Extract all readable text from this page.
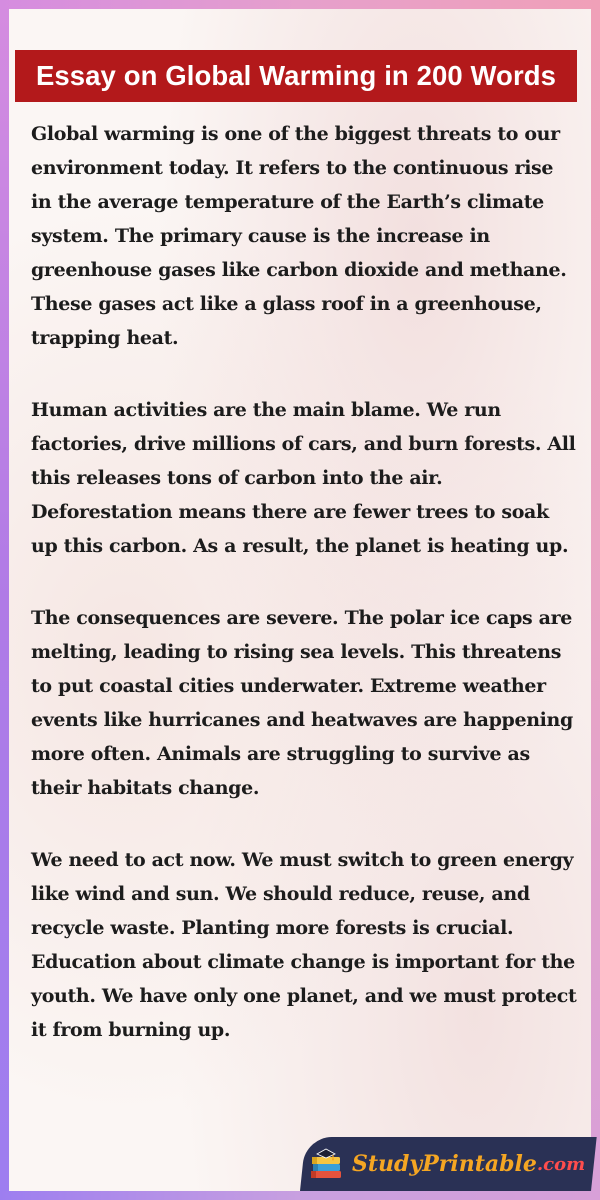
Essay on Global Warming in 200 Words

Global warming is one of the biggest threats to our environment today. It refers to the continuous rise in the average temperature of the Earth’s climate system. The primary cause is the increase in greenhouse gases like carbon dioxide and methane. These gases act like a glass roof in a greenhouse, trapping heat.

Human activities are the main blame. We run factories, drive millions of cars, and burn forests. All this releases tons of carbon into the air. Deforestation means there are fewer trees to soak up this carbon. As a result, the planet is heating up.

The consequences are severe. The polar ice caps are melting, leading to rising sea levels. This threatens to put coastal cities underwater. Extreme weather events like hurricanes and heatwaves are happening more often. Animals are struggling to survive as their habitats change.

We need to act now. We must switch to green energy like wind and sun. We should reduce, reuse, and recycle waste. Planting more forests is crucial. Education about climate change is important for the youth. We have only one planet, and we must protect it from burning up.

StudyPrintable .com
